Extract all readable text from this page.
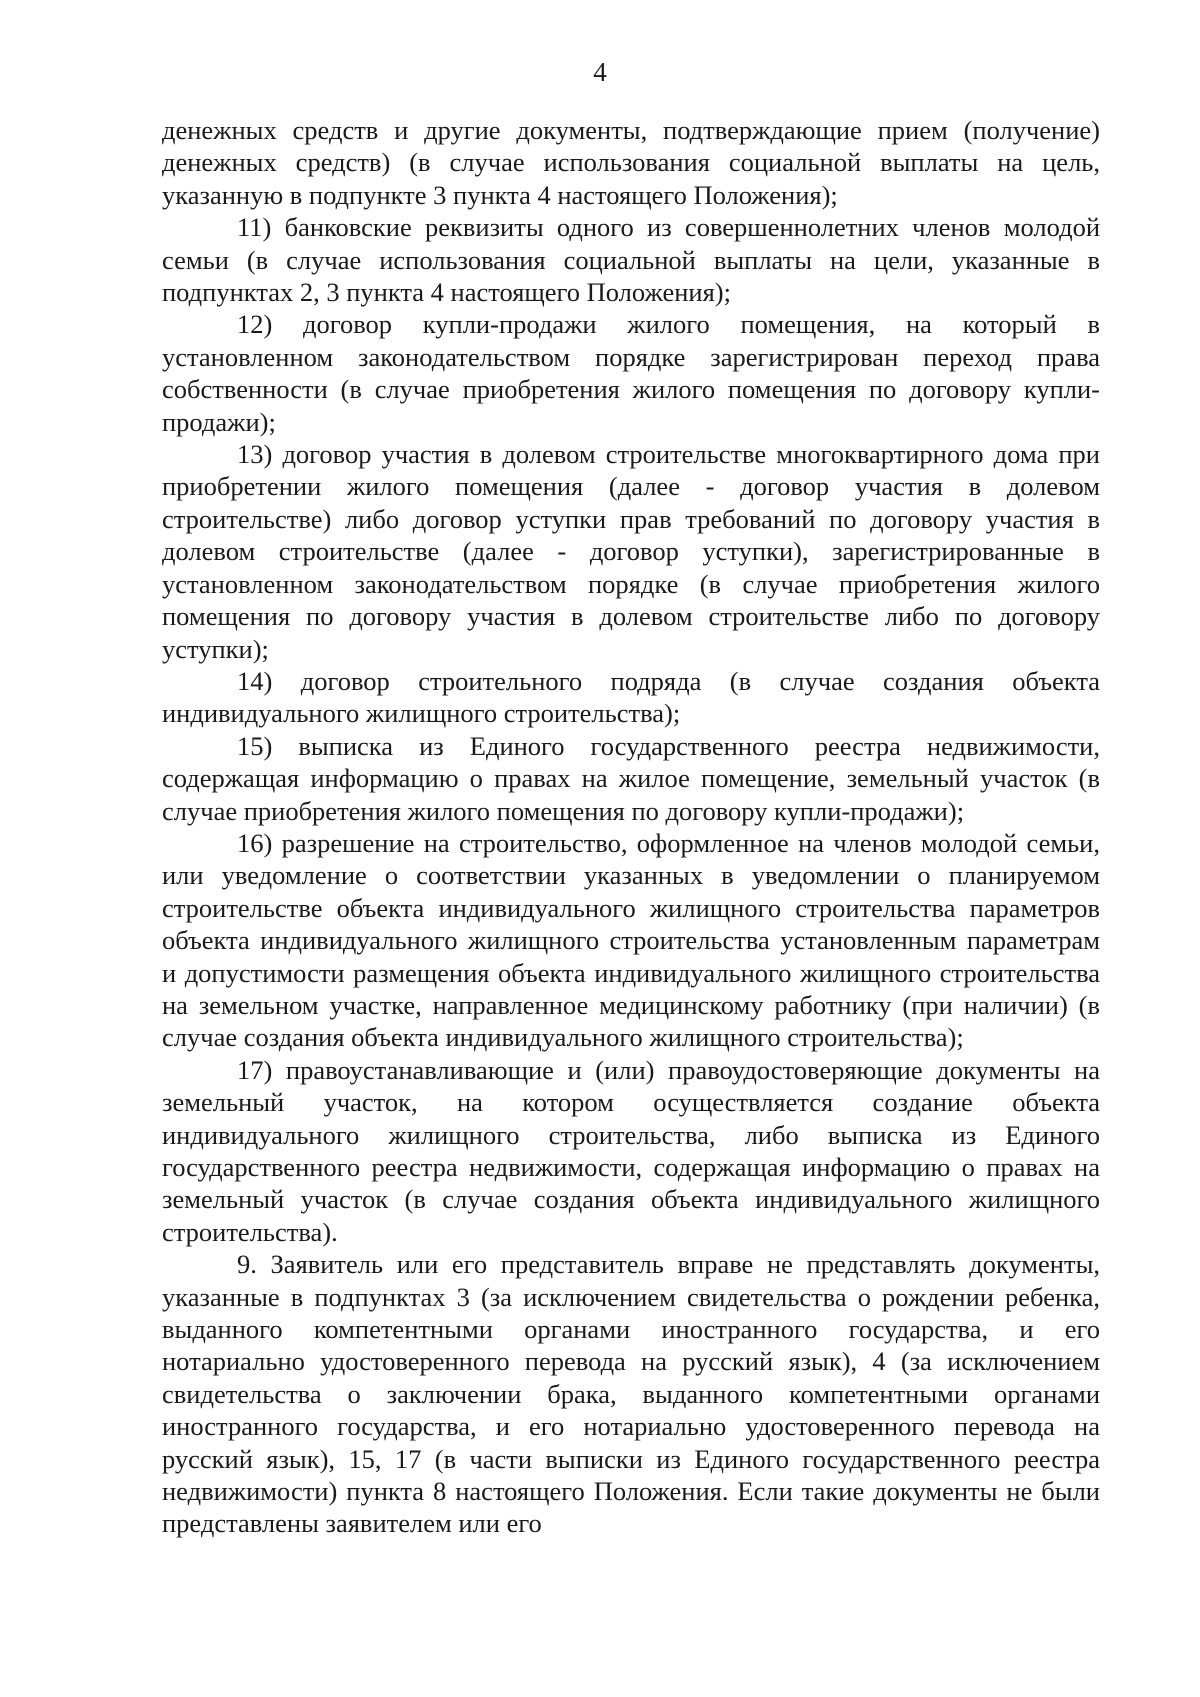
4

денежных средств и другие документы, подтверждающие прием (получение) денежных средств) (в случае использования социальной выплаты на цель, указанную в подпункте 3 пункта 4 настоящего Положения);

11) банковские реквизиты одного из совершеннолетних членов молодой семьи (в случае использования социальной выплаты на цели, указанные в подпунктах 2, 3 пункта 4 настоящего Положения);

12) договор купли-продажи жилого помещения, на который в установленном законодательством порядке зарегистрирован переход права собственности (в случае приобретения жилого помещения по договору купли-продажи);

13) договор участия в долевом строительстве многоквартирного дома при приобретении жилого помещения (далее - договор участия в долевом строительстве) либо договор уступки прав требований по договору участия в долевом строительстве (далее - договор уступки), зарегистрированные в установленном законодательством порядке (в случае приобретения жилого помещения по договору участия в долевом строительстве либо по договору уступки);

14) договор строительного подряда (в случае создания объекта индивидуального жилищного строительства);

15) выписка из Единого государственного реестра недвижимости, содержащая информацию о правах на жилое помещение, земельный участок (в случае приобретения жилого помещения по договору купли-продажи);

16) разрешение на строительство, оформленное на членов молодой семьи, или уведомление о соответствии указанных в уведомлении о планируемом строительстве объекта индивидуального жилищного строительства параметров объекта индивидуального жилищного строительства установленным параметрам и допустимости размещения объекта индивидуального жилищного строительства на земельном участке, направленное медицинскому работнику (при наличии) (в случае создания объекта индивидуального жилищного строительства);

17) правоустанавливающие и (или) правоудостоверяющие документы на земельный участок, на котором осуществляется создание объекта индивидуального жилищного строительства, либо выписка из Единого государственного реестра недвижимости, содержащая информацию о правах на земельный участок (в случае создания объекта индивидуального жилищного строительства).

9. Заявитель или его представитель вправе не представлять документы, указанные в подпунктах 3 (за исключением свидетельства о рождении ребенка, выданного компетентными органами иностранного государства, и его нотариально удостоверенного перевода на русский язык), 4 (за исключением свидетельства о заключении брака, выданного компетентными органами иностранного государства, и его нотариально удостоверенного перевода на русский язык), 15, 17 (в части выписки из Единого государственного реестра недвижимости) пункта 8 настоящего Положения. Если такие документы не были представлены заявителем или его
